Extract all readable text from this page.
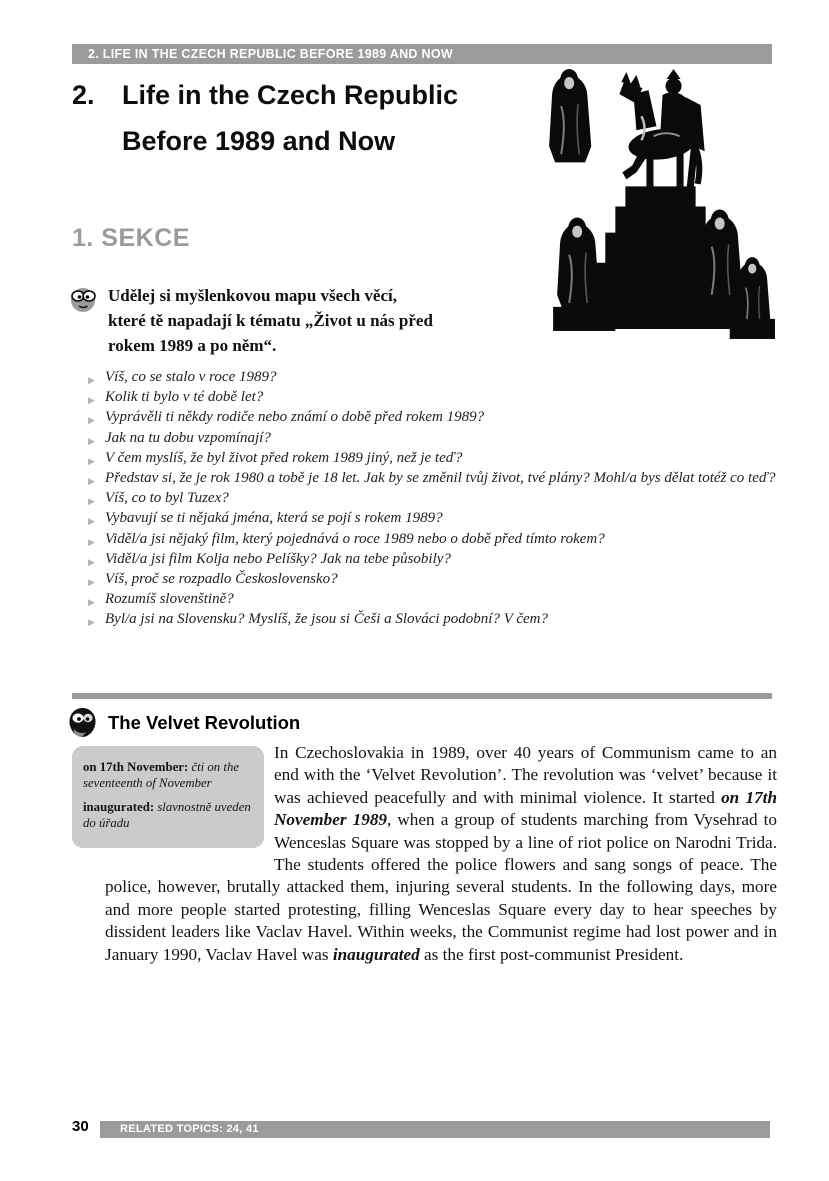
2. LIFE IN THE CZECH REPUBLIC BEFORE 1989 AND NOW
2. Life in the Czech Republic
Before 1989 and Now
1. SEKCE
Udělej si myšlenkovou mapu všech věcí, které tě napadají k tématu „Život u nás před rokem 1989 a po něm“.
▶ Víš, co se stalo v roce 1989?
▶ Kolik ti bylo v té době let?
▶ Vyprávěli ti někdy rodiče nebo známí o době před rokem 1989?
▶ Jak na tu dobu vzpomínají?
▶ V čem myslíš, že byl život před rokem 1989 jiný, než je teď?
▶ Představ si, že je rok 1980 a tobě je 18 let. Jak by se změnil tvůj život, tvé plány? Mohl/a bys dělat totéž co teď?
▶ Víš, co to byl Tuzex?
▶ Vybavují se ti nějaká jména, která se pojí s rokem 1989?
▶ Viděl/a jsi nějaký film, který pojednává o roce 1989 nebo o době před tímto rokem?
▶ Viděl/a jsi film Kolja nebo Pelíšky? Jak na tebe působily?
▶ Víš, proč se rozpadlo Československo?
▶ Rozumíš slovenštině?
▶ Byl/a jsi na Slovensku? Myslíš, že jsou si Češi a Slováci podobní? V čem?
The Velvet Revolution
on 17th November: čti on the seventeenth of November
inaugurated: slavnostně uveden do úřadu
In Czechoslovakia in 1989, over 40 years of Communism came to an end with the ‘Velvet Revolution’. The revolution was ‘velvet’ because it was achieved peacefully and with minimal violence. It started on 17th November 1989, when a group of students marching from Vysehrad to Wenceslas Square was stopped by a line of riot police on Narodni Trida. The students offered the police flowers and sang songs of peace. The police, however, brutally attacked them, injuring several students. In the following days, more and more people started protesting, filling Wenceslas Square every day to hear speeches by dissident leaders like Vaclav Havel. Within weeks, the Communist regime had lost power and in January 1990, Vaclav Havel was inaugurated as the first post-communist President.
30	RELATED TOPICS: 24, 41
